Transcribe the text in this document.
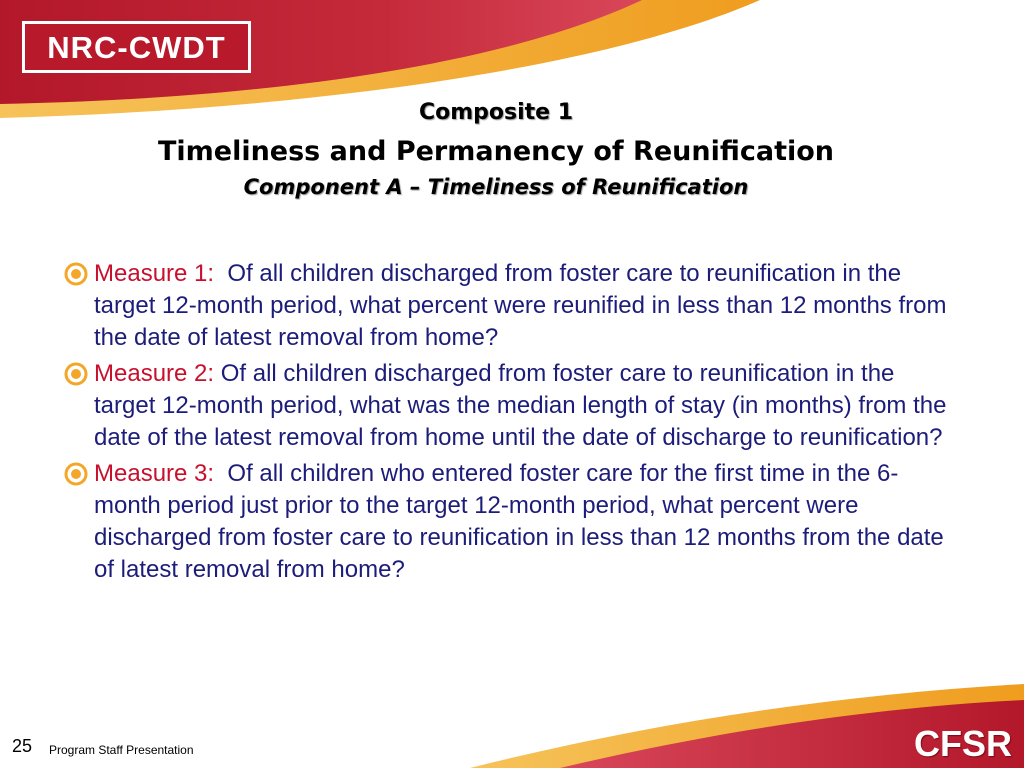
NRC-CWDT
Composite 1
Timeliness and Permanency of Reunification
Component A – Timeliness of Reunification
Measure 1: Of all children discharged from foster care to reunification in the target 12-month period, what percent were reunified in less than 12 months from the date of latest removal from home?
Measure 2: Of all children discharged from foster care to reunification in the target 12-month period, what was the median length of stay (in months) from the date of the latest removal from home until the date of discharge to reunification?
Measure 3: Of all children who entered foster care for the first time in the 6-month period just prior to the target 12-month period, what percent were discharged from foster care to reunification in less than 12 months from the date of latest removal from home?
25 Program Staff Presentation	CFSR
